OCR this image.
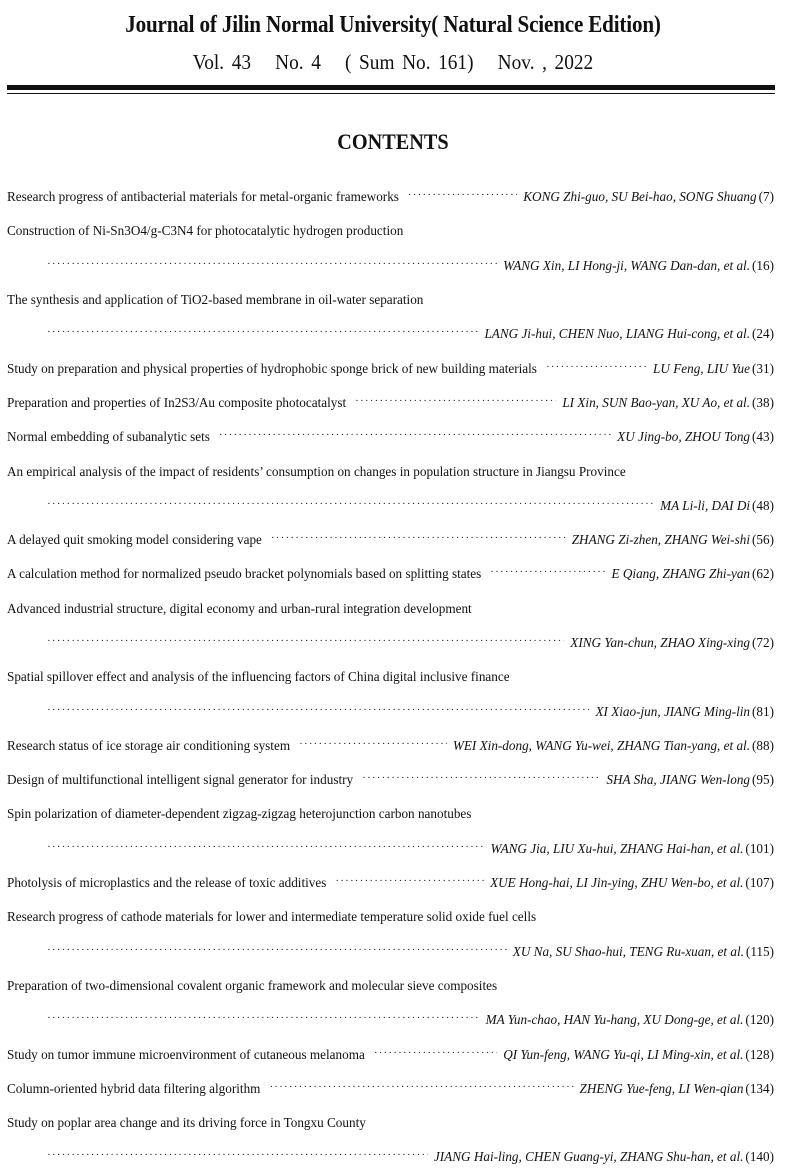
Journal of Jilin Normal University( Natural Science Edition)
Vol. 43 No. 4 ( Sum No. 161) Nov. , 2022
CONTENTS
Research progress of antibacterial materials for metal-organic frameworks ·····	KONG Zhi-guo, SU Bei-hao, SONG Shuang (7)
Construction of Ni-Sn3O4/g-C3N4 for photocatalytic hydrogen production
·····
WANG Xin, LI Hong-ji, WANG Dan-dan, et al. (16)
The synthesis and application of TiO2-based membrane in oil-water separation
·····
LANG Ji-hui, CHEN Nuo, LIANG Hui-cong, et al. (24)
Study on preparation and physical properties of hydrophobic sponge brick of new building materials ·····	LU Feng, LIU Yue (31)
Preparation and properties of In2S3/Au composite photocatalyst ·····	LI Xin, SUN Bao-yan, XU Ao, et al. (38)
Normal embedding of subanalytic sets ·····	XU Jing-bo, ZHOU Tong (43)
An empirical analysis of the impact of residents’ consumption on changes in population structure in Jiangsu Province
·····
MA Li-li, DAI Di (48)
A delayed quit smoking model considering vape ·····	ZHANG Zi-zhen, ZHANG Wei-shi (56)
A calculation method for normalized pseudo bracket polynomials based on splitting states ·····	E Qiang, ZHANG Zhi-yan (62)
Advanced industrial structure, digital economy and urban-rural integration development
·····
XING Yan-chun, ZHAO Xing-xing (72)
Spatial spillover effect and analysis of the influencing factors of China digital inclusive finance
·····
XI Xiao-jun, JIANG Ming-lin (81)
Research status of ice storage air conditioning system ·····	WEI Xin-dong, WANG Yu-wei, ZHANG Tian-yang, et al. (88)
Design of multifunctional intelligent signal generator for industry ·····	SHA Sha, JIANG Wen-long (95)
Spin polarization of diameter-dependent zigzag-zigzag heterojunction carbon nanotubes
·····
WANG Jia, LIU Xu-hui, ZHANG Hai-han, et al. (101)
Photolysis of microplastics and the release of toxic additives ·····	XUE Hong-hai, LI Jin-ying, ZHU Wen-bo, et al. (107)
Research progress of cathode materials for lower and intermediate temperature solid oxide fuel cells
·····
XU Na, SU Shao-hui, TENG Ru-xuan, et al. (115)
Preparation of two-dimensional covalent organic framework and molecular sieve composites
·····
MA Yun-chao, HAN Yu-hang, XU Dong-ge, et al. (120)
Study on tumor immune microenvironment of cutaneous melanoma ·····	QI Yun-feng, WANG Yu-qi, LI Ming-xin, et al. (128)
Column-oriented hybrid data filtering algorithm ·····	ZHENG Yue-feng, LI Wen-qian (134)
Study on poplar area change and its driving force in Tongxu County
·····
JIANG Hai-ling, CHEN Guang-yi, ZHANG Shu-han, et al. (140)
